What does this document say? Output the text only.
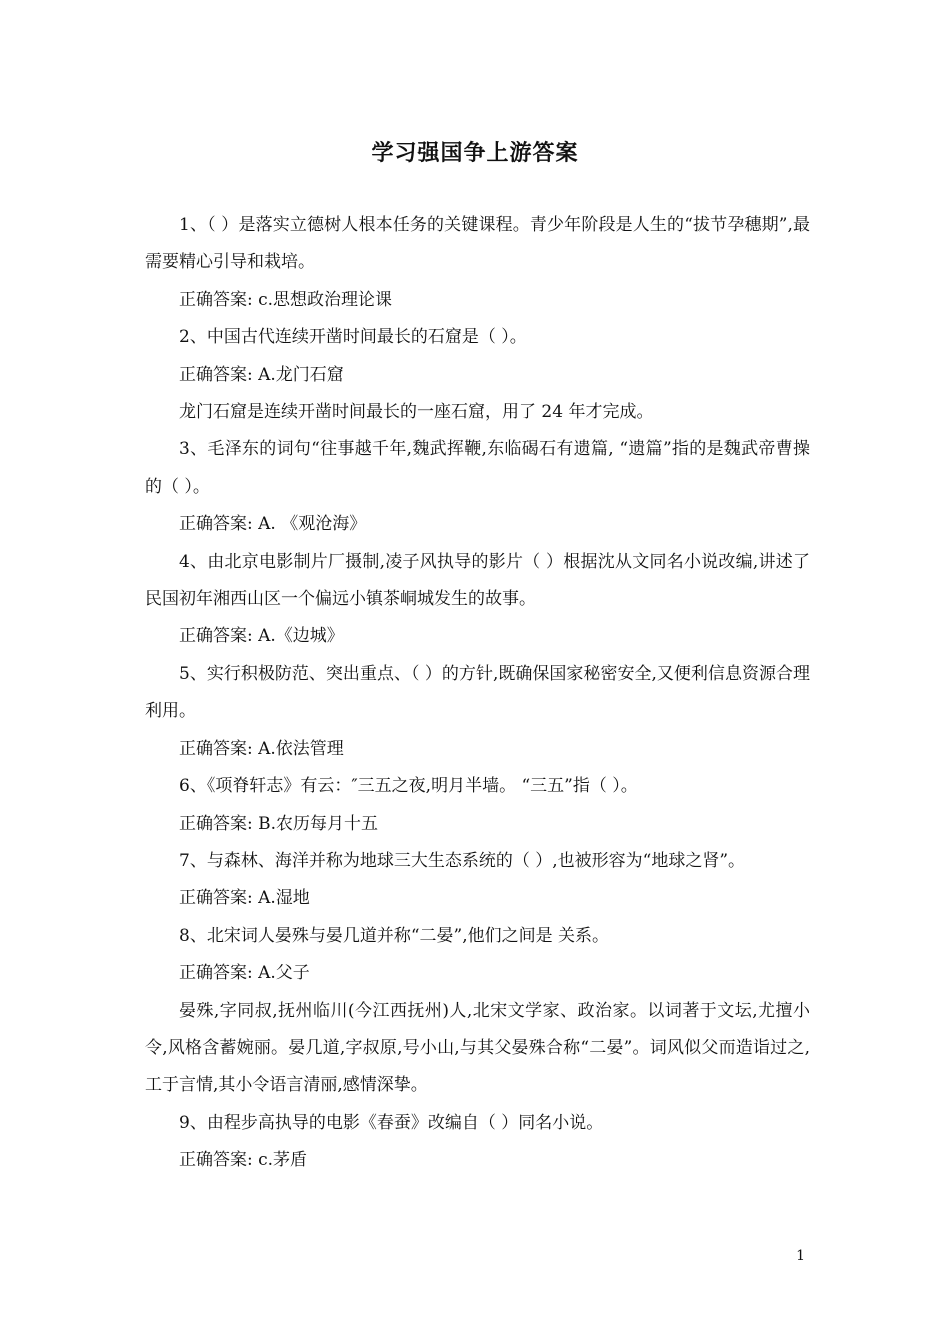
学习强国争上游答案

1、（ ）是落实立德树人根本任务的关键课程。青少年阶段是人生的“拔节孕穗期”,最需要精心引导和栽培。

正确答案: c.思想政治理论课

2、中国古代连续开凿时间最长的石窟是（ ）。

正确答案: A.龙门石窟

龙门石窟是连续开凿时间最长的一座石窟，用了 24 年才完成。

3、毛泽东的词句“往事越千年,魏武挥鞭,东临碣石有遗篇, “遗篇”指的是魏武帝曹操的（ ）。

正确答案: A. 《观沧海》

4、由北京电影制片厂摄制,凌子风执导的影片（ ）根据沈从文同名小说改编,讲述了民国初年湘西山区一个偏远小镇茶峒城发生的故事。

正确答案: A.《边城》

5、实行积极防范、突出重点、（ ）的方针,既确保国家秘密安全,又便利信息资源合理利用。

正确答案: A.依法管理

6、《项脊轩志》有云：″三五之夜,明月半墙。 “三五”指（ ）。

正确答案: B.农历每月十五

7、与森林、海洋并称为地球三大生态系统的（ ）,也被形容为“地球之肾”。

正确答案: A.湿地

8、北宋词人晏殊与晏几道并称“二晏”,他们之间是 关系。

正确答案: A.父子

晏殊,字同叔,抚州临川(今江西抚州)人,北宋文学家、政治家。以词著于文坛,尤擅小令,风格含蓄婉丽。晏几道,字叔原,号小山,与其父晏殊合称“二晏”。词风似父而造诣过之,工于言情,其小令语言清丽,感情深挚。

9、由程步高执导的电影《春蚕》改编自（ ）同名小说。

正确答案: c.茅盾

1
